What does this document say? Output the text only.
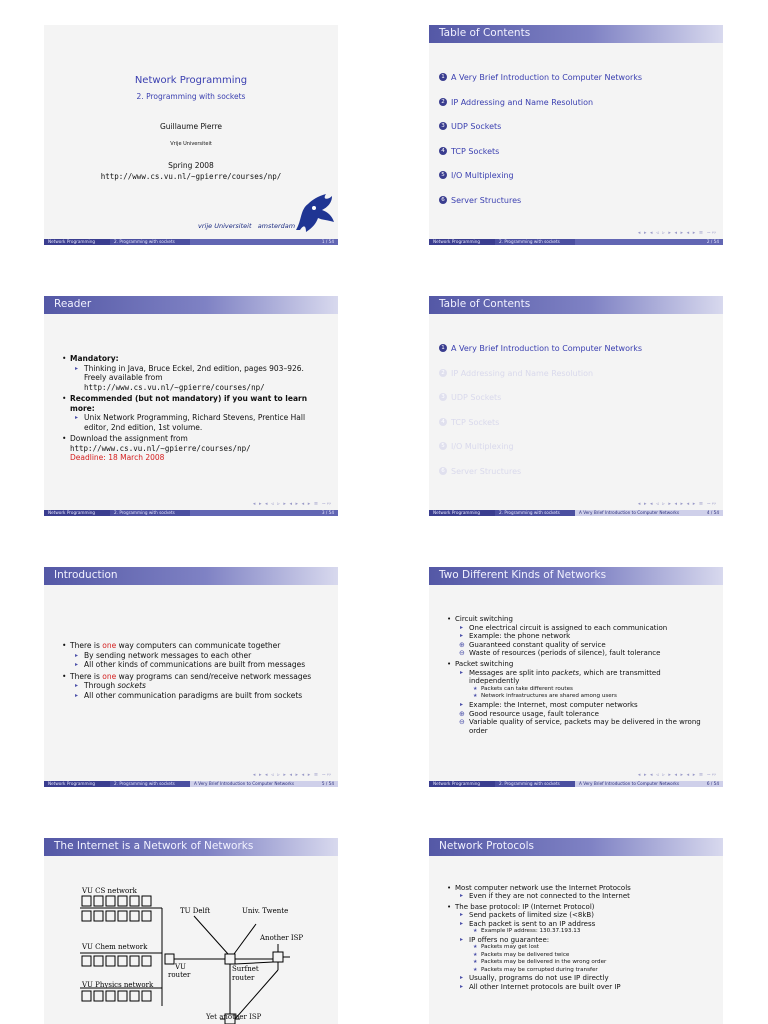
Network Programming
2. Programming with sockets
Guillaume Pierre
Vrije Universiteit
Spring 2008
http://www.cs.vu.nl/~gpierre/courses/np/
vrije Universiteit   amsterdam
Network Programming	2. Programming with sockets	1 / 54
Table of Contents
1 A Very Brief Introduction to Computer Networks
2 IP Addressing and Name Resolution
3 UDP Sockets
4 TCP Sockets
5 I/O Multiplexing
6 Server Structures
◂ ▸ ◂ ◃ ▹ ▸ ◂ ▸ ◂ ▸ ≡ ∽∾
Network Programming	2. Programming with sockets	2 / 54
Reader
• Mandatory:
▸ Thinking in Java, Bruce Eckel, 2nd edition, pages 903–926. Freely available from http://www.cs.vu.nl/~gpierre/courses/np/
• Recommended (but not mandatory) if you want to learn more:
▸ Unix Network Programming, Richard Stevens, Prentice Hall editor, 2nd edition, 1st volume.
• Download the assignment from
http://www.cs.vu.nl/~gpierre/courses/np/
Deadline: 18 March 2008
◂ ▸ ◂ ◃ ▹ ▸ ◂ ▸ ◂ ▸ ≡ ∽∾
Network Programming	2. Programming with sockets	3 / 54
Table of Contents
1 A Very Brief Introduction to Computer Networks
2 IP Addressing and Name Resolution
3 UDP Sockets
4 TCP Sockets
5 I/O Multiplexing
6 Server Structures
◂ ▸ ◂ ◃ ▹ ▸ ◂ ▸ ◂ ▸ ≡ ∽∾
Network Programming	2. Programming with sockets	A Very Brief Introduction to Computer Networks	4 / 54
Introduction
• There is one way computers can communicate together
▸ By sending network messages to each other
▸ All other kinds of communications are built from messages
• There is one way programs can send/receive network messages
▸ Through sockets
▸ All other communication paradigms are built from sockets
◂ ▸ ◂ ◃ ▹ ▸ ◂ ▸ ◂ ▸ ≡ ∽∾
Network Programming	2. Programming with sockets	A Very Brief Introduction to Computer Networks	5 / 54
Two Different Kinds of Networks
• Circuit switching
▸ One electrical circuit is assigned to each communication
▸ Example: the phone network
⊕ Guaranteed constant quality of service
⊖ Waste of resources (periods of silence), fault tolerance
• Packet switching
▸ Messages are split into packets, which are transmitted independently
★ Packets can take different routes
★ Network infrastructures are shared among users
▸ Example: the Internet, most computer networks
⊕ Good resource usage, fault tolerance
⊖ Variable quality of service, packets may be delivered in the wrong order
◂ ▸ ◂ ◃ ▹ ▸ ◂ ▸ ◂ ▸ ≡ ∽∾
Network Programming	2. Programming with sockets	A Very Brief Introduction to Computer Networks	6 / 54
The Internet is a Network of Networks
VU CS network
VU Chem network
VU Physics network
VU
router
TU Delft	Univ. Twente
Another ISP
Surfnet
router
Yet another ISP
Network Protocols
• Most computer network use the Internet Protocols
▸ Even if they are not connected to the Internet
• The base protocol: IP (Internet Protocol)
▸ Send packets of limited size (<8kB)
▸ Each packet is sent to an IP address
★ Example IP address: 130.37.193.13
▸ IP offers no guarantee:
★ Packets may get lost
★ Packets may be delivered twice
★ Packets may be delivered in the wrong order
★ Packets may be corrupted during transfer
▸ Usually, programs do not use IP directly
▸ All other Internet protocols are built over IP
